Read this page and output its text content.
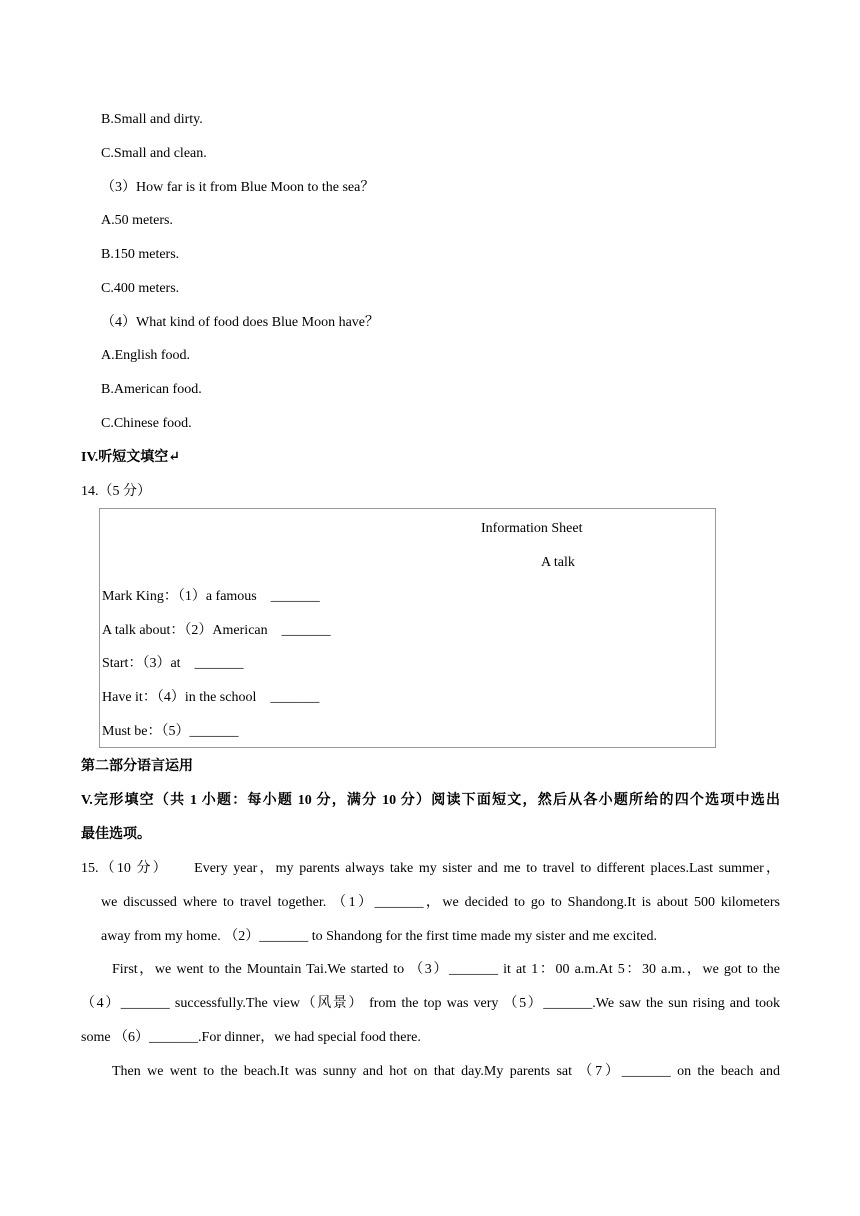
B.Small and dirty.
C.Small and clean.
（3）How far is it from Blue Moon to the sea？
A.50 meters.
B.150 meters.
C.400 meters.
（4）What kind of food does Blue Moon have？
A.English food.
B.American food.
C.Chinese food.
IV.听短文填空↵
14.（5 分）
Information Sheet
A talk
Mark King：（1）a famous　_______
A talk about：（2）American　_______
Start：（3）at　_______
Have it：（4）in the school　_______
Must be：（5）_______
第二部分语言运用
V.完形填空（共 1 小题：每小题 10 分，满分 10 分）阅读下面短文，然后从各小题所给的四个选项中选出
最佳选项。
15.（10 分）　　Every year，my parents always take my sister and me to travel to different places.Last summer，
we discussed where to travel together. （1）_______，we decided to go to Shandong.It is about 500 kilometers
away from my home. （2）_______ to Shandong for the first time made my sister and me excited.
First，we went to the Mountain Tai.We started to （3）_______ it at 1：00 a.m.At 5：30 a.m.，we got to the
（4）_______ successfully.The view（风景） from the top was very （5）_______.We saw the sun rising and took
some （6）_______.For dinner，we had special food there.
Then we went to the beach.It was sunny and hot on that day.My parents sat （7）_______ on the beach and
